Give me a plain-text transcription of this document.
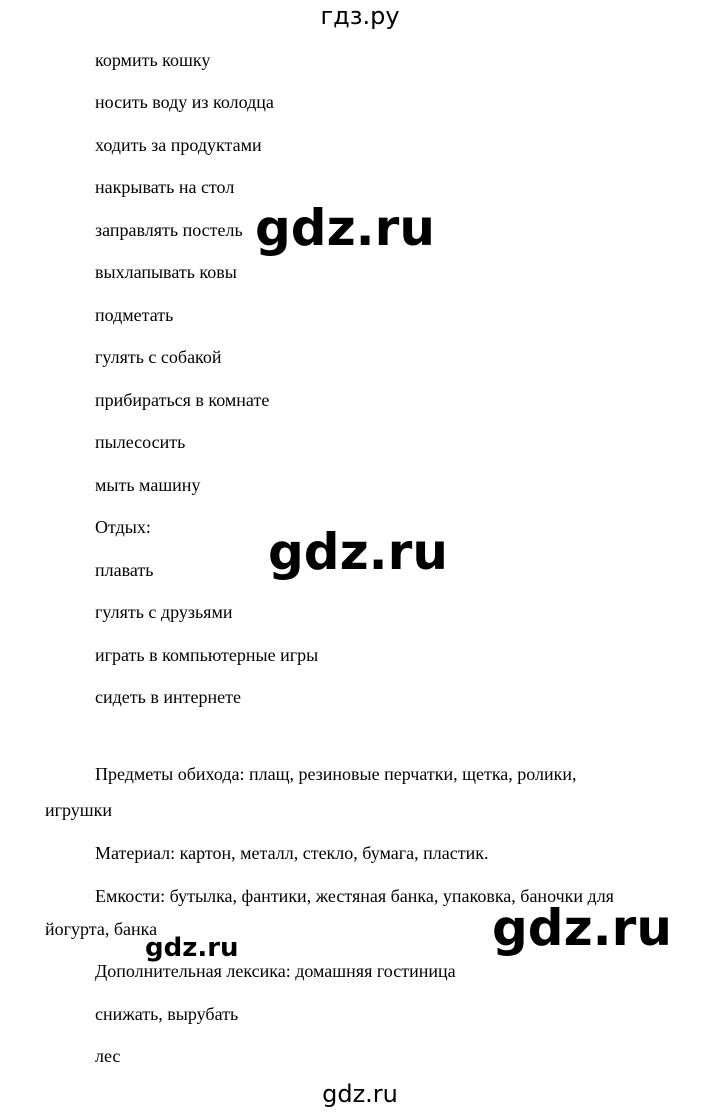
гдз.ру
кормить кошку
носить воду из колодца
ходить за продуктами
накрывать на стол
заправлять постель
выхлапывать ковы
подметать
гулять с собакой
прибираться в комнате
пылесосить
мыть машину
Отдых:
плавать
гулять с друзьями
играть в компьютерные игры
сидеть в интернете
Предметы обихода: плащ, резиновые перчатки, щетка, ролики,
игрушки
Материал: картон, металл, стекло, бумага, пластик.
Емкости: бутылка, фантики, жестяная банка, упаковка, баночки для
йогурта, банка
Дополнительная лексика: домашняя гостиница
снижать, вырубать
лес
gdz.ru
gdz.ru
gdz.ru
gdz.ru
gdz.ru
